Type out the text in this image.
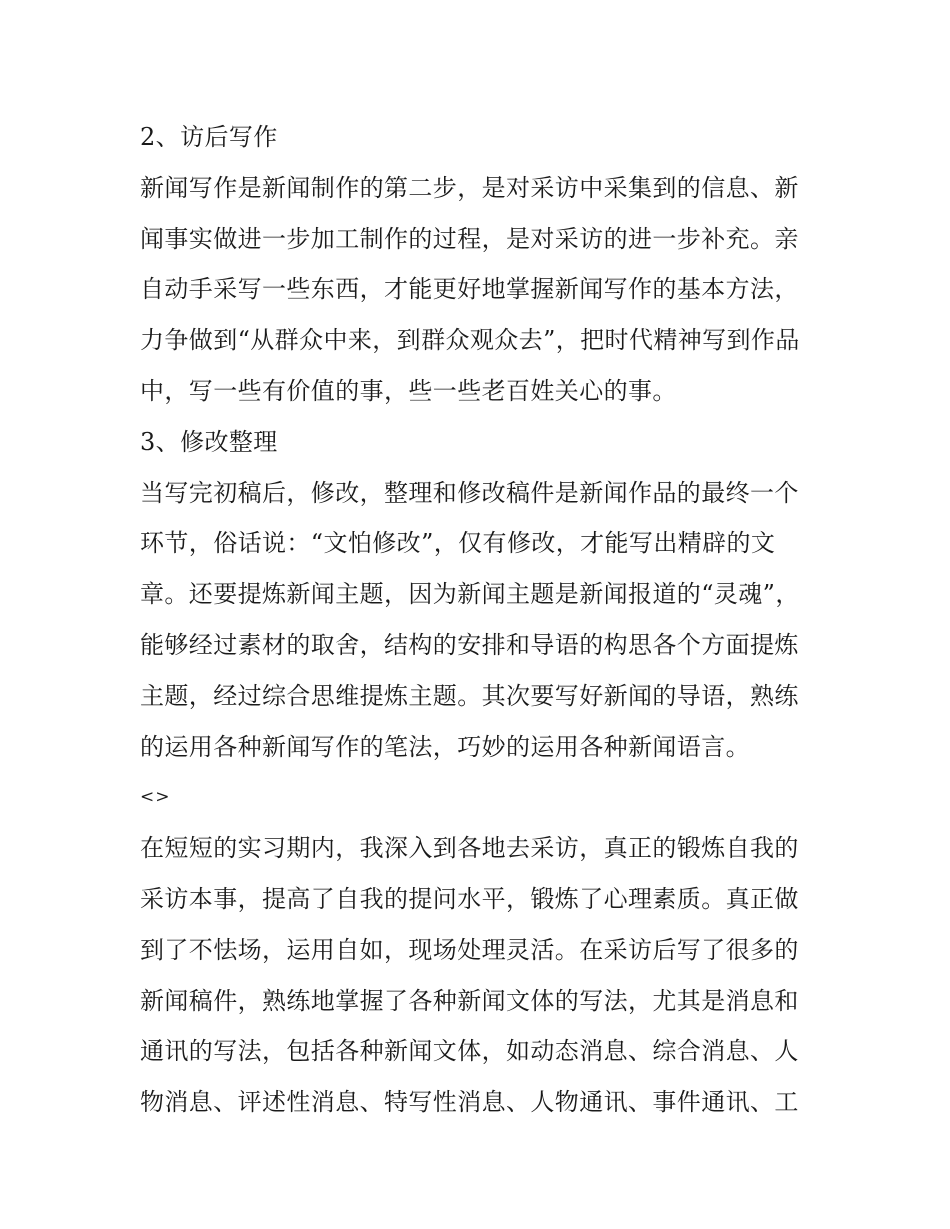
2、访后写作
新闻写作是新闻制作的第二步，是对采访中采集到的信息、新
闻事实做进一步加工制作的过程，是对采访的进一步补充。亲
自动手采写一些东西，才能更好地掌握新闻写作的基本方法，
力争做到“从群众中来，到群众观众去”，把时代精神写到作品
中，写一些有价值的事，些一些老百姓关心的事。
3、修改整理
当写完初稿后，修改，整理和修改稿件是新闻作品的最终一个
环节，俗话说：“文怕修改”，仅有修改，才能写出精辟的文
章。还要提炼新闻主题，因为新闻主题是新闻报道的“灵魂”，
能够经过素材的取舍，结构的安排和导语的构思各个方面提炼
主题，经过综合思维提炼主题。其次要写好新闻的导语，熟练
的运用各种新闻写作的笔法，巧妙的运用各种新闻语言。
<>
在短短的实习期内，我深入到各地去采访，真正的锻炼自我的
采访本事，提高了自我的提问水平，锻炼了心理素质。真正做
到了不怯场，运用自如，现场处理灵活。在采访后写了很多的
新闻稿件，熟练地掌握了各种新闻文体的写法，尤其是消息和
通讯的写法，包括各种新闻文体，如动态消息、综合消息、人
物消息、评述性消息、特写性消息、人物通讯、事件通讯、工
